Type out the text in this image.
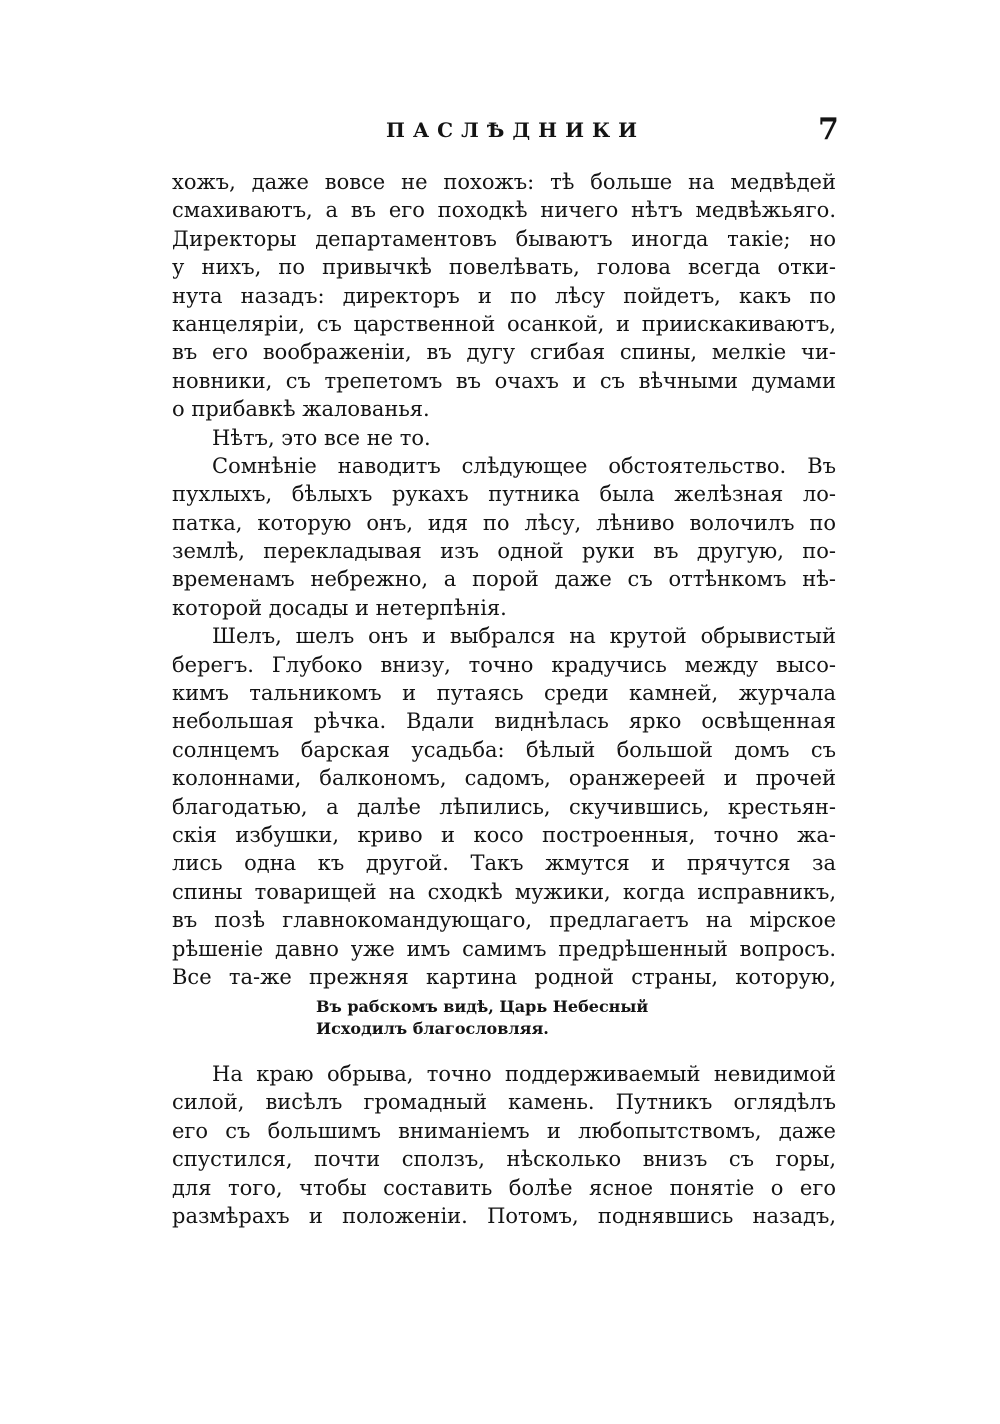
ПАСЛѢДНИКИ	7
хожъ, даже вовсе не похожъ: тѣ больше на медвѣдей
смахиваютъ, а въ его походкѣ ничего нѣтъ медвѣжьяго.
Директоры департаментовъ бываютъ иногда такіе; но
у нихъ, по привычкѣ повелѣвать, голова всегда отки-
нута назадъ: директоръ и по лѣсу пойдетъ, какъ по
канцеляріи, съ царственной осанкой, и приискакиваютъ,
въ его воображеніи, въ дугу сгибая спины, мелкіе чи-
новники, съ трепетомъ въ очахъ и съ вѣчными думами
о прибавкѣ жалованья.
Нѣтъ, это все не то.
Сомнѣніе наводитъ слѣдующее обстоятельство. Въ
пухлыхъ, бѣлыхъ рукахъ путника была желѣзная ло-
патка, которую онъ, идя по лѣсу, лѣниво волочилъ по
землѣ, перекладывая изъ одной руки въ другую, по-
временамъ небрежно, а порой даже съ оттѣнкомъ нѣ-
которой досады и нетерпѣнія.
Шелъ, шелъ онъ и выбрался на крутой обрывистый
берегъ. Глубоко внизу, точно крадучись между высо-
кимъ тальникомъ и путаясь среди камней, журчала
небольшая рѣчка. Вдали виднѣлась ярко освѣщенная
солнцемъ барская усадьба: бѣлый большой домъ съ
колоннами, балкономъ, садомъ, оранжереей и прочей
благодатью, а далѣе лѣпились, скучившись, крестьян-
скія избушки, криво и косо построенныя, точно жа-
лись одна къ другой. Такъ жмутся и прячутся за
спины товарищей на сходкѣ мужики, когда исправникъ,
въ позѣ главнокомандующаго, предлагаетъ на мірское
рѣшеніе давно уже имъ самимъ предрѣшенный вопросъ.
Все та-же прежняя картина родной страны, которую,
Въ рабскомъ видѣ, Царь Небесный
Исходилъ благословляя.
На краю обрыва, точно поддерживаемый невидимой
силой, висѣлъ громадный камень. Путникъ оглядѣлъ
его съ большимъ вниманіемъ и любопытствомъ, даже
спустился, почти сползъ, нѣсколько внизъ съ горы,
для того, чтобы составить болѣе ясное понятіе о его
размѣрахъ и положеніи. Потомъ, поднявшись назадъ,
